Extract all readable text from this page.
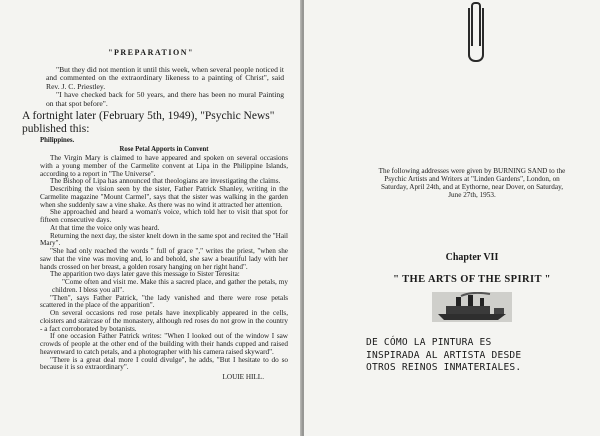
"PREPARATION"

"But they did not mention it until this week, when several people noticed it and commented on the extraordinary likeness to a painting of Christ", said Rev. J. C. Priestley.

"I have checked back for 50 years, and there has been no mural Painting on that spot before".

A fortnight later (February 5th, 1949), "Psychic News" published this:
Philippines.
Rose Petal Apports in Convent

The Virgin Mary is claimed to have appeared and spoken on several occasions with a young member of the Carmelite convent at Lipa in the Philippine Islands, according to a report in "The Universe".

The Bishop of Lipa has announced that theologians are investigating the claims.

Describing the vision seen by the sister, Father Patrick Shanley, writing in the Carmelite magazine "Mount Carmel", says that the sister was walking in the garden when she suddenly saw a vine shake. As there was no wind it attracted her attention.

She approached and heard a woman's voice, which told her to visit that spot for fifteen consecutive days.

At that time the voice only was heard.

Returning the next day, the sister knelt down in the same spot and recited the "Hail Mary".

"She had only reached the words " full of grace "," writes the priest, "when she saw that the vine was moving and, lo and behold, she saw a beautiful lady with her hands crossed on her breast, a golden rosary hanging on her right hand".

The apparition two days later gave this message to Sister Teresita:

"Come often and visit me. Make this a sacred place, and gather the petals, my children. I bless you all".

"Then", says Father Patrick, "the lady vanished and there were rose petals scattered in the place of the apparition".

On several occasions red rose petals have inexplicably appeared in the cells, cloisters and staircase of the monastery, although red roses do not grow in the country - a fact corroborated by botanists.

If one occasion Father Patrick writes: "When I looked out of the window I saw crowds of people at the other end of the building with their hands cupped and raised heavenward to catch petals, and a photographer with his camera raised skyward".

"There is a great deal more I could divulge", he adds, "But I hesitate to do so because it is so extraordinary".

LOUIE HILL.
The following addresses were given by BURNING SAND to the Psychic Artists and Writers at "Linden Gardens", London, on Saturday, April 24th, and at Eythorne, near Dover, on Saturday, June 27th, 1953.
Chapter VII
" THE ARTS OF THE SPIRIT "
DE CÓMO LA PINTURA ES
INSPIRADA AL ARTISTA DESDE
OTROS REINOS INMATERIALES.
